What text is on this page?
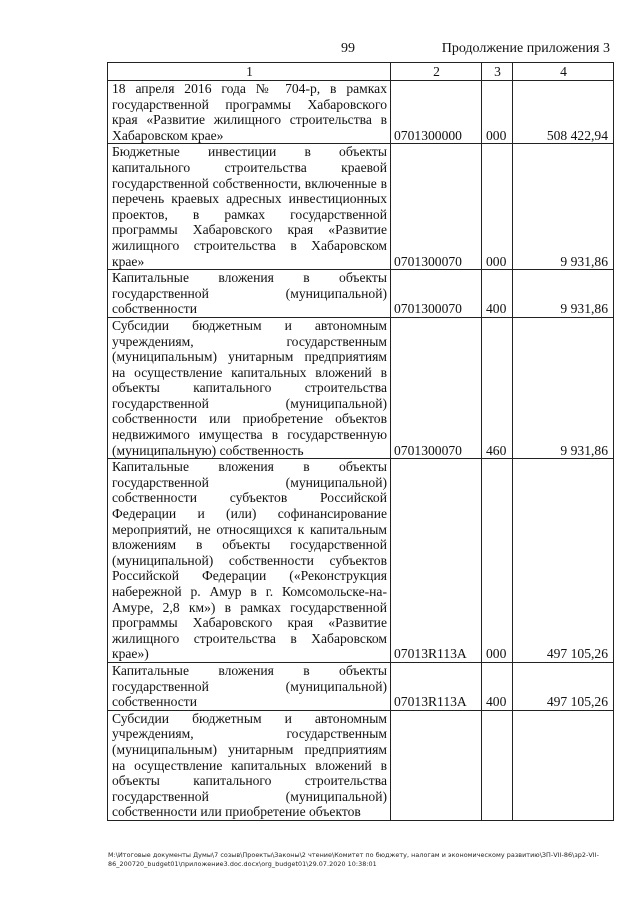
99	Продолжение приложения 3
1	2	3	4
18 апреля 2016 года № 704-р, в рамках государственной программы Хабаровского края «Развитие жилищного строительства в Хабаровском крае»	0701300000	000	508 422,94
Бюджетные инвестиции в объекты капитального строительства краевой государственной собственности, включенные в перечень краевых адресных инвестиционных проектов, в рамках государственной программы Хабаровского края «Развитие жилищного строительства в Хабаровском крае»	0701300070	000	9 931,86
Капитальные вложения в объекты государственной (муниципальной) собственности	0701300070	400	9 931,86
Субсидии бюджетным и автономным учреждениям, государственным (муниципальным) унитарным предприятиям на осуществление капитальных вложений в объекты капитального строительства государственной (муниципальной) собственности или приобретение объектов недвижимого имущества в государственную (муниципальную) собственность	0701300070	460	9 931,86
Капитальные вложения в объекты государственной (муниципальной) собственности субъектов Российской Федерации и (или) софинансирование мероприятий, не относящихся к капитальным вложениям в объекты государственной (муниципальной) собственности субъектов Российской Федерации («Реконструкция набережной р. Амур в г. Комсомольске-на-Амуре, 2,8 км») в рамках государственной программы Хабаровского края «Развитие жилищного строительства в Хабаровском крае»)	07013R113A	000	497 105,26
Капитальные вложения в объекты государственной (муниципальной) собственности	07013R113A	400	497 105,26
Субсидии бюджетным и автономным учреждениям, государственным (муниципальным) унитарным предприятиям на осуществление капитальных вложений в объекты капитального строительства государственной (муниципальной) собственности или приобретение объектов			
M:\Итоговые документы Думы\7 созыв\Проекты\Законы\2 чтение\Комитет по бюджету, налогам и экономическому развитию\ЗП-VII-86\зр2-VII-86_200720_budget01\приложение3.doc.docx\org_budget01\29.07.2020 10:38:01
